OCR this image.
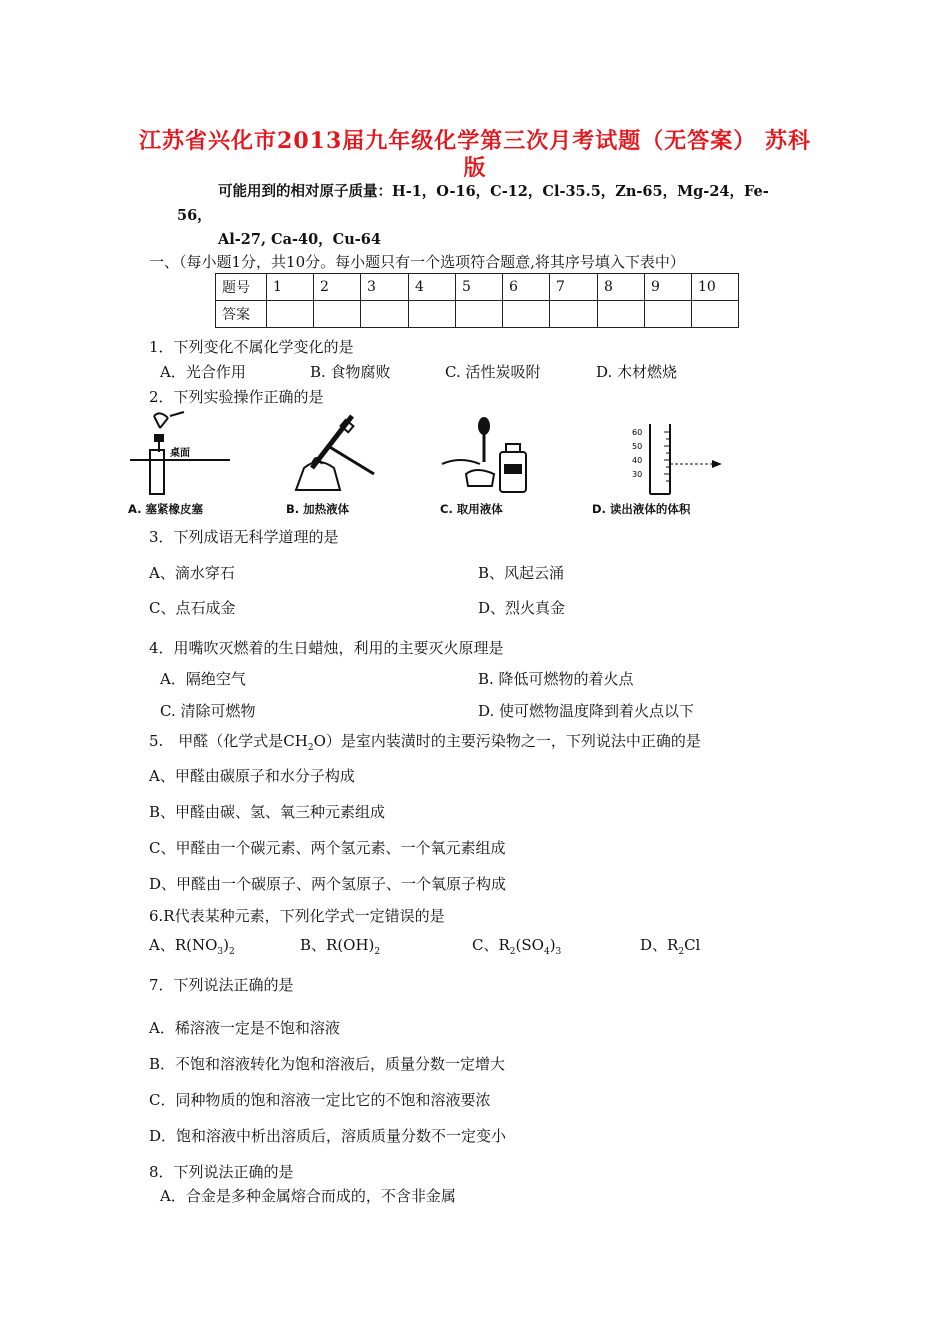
江苏省兴化市2013届九年级化学第三次月考试题（无答案） 苏科
版
可能用到的相对原子质量：H-1，O-16，C-12，Cl-35.5，Zn-65，Mg-24，Fe-
56，
Al-27, Ca-40，Cu-64
一、（每小题1分，共10分。每小题只有一个选项符合题意,将其序号填入下表中）
题号	1	2	3	4	5	6	7	8	9	10
答案										
1．下列变化不属化学变化的是
A．光合作用	B. 食物腐败	C. 活性炭吸附	D. 木材燃烧
2．下列实验操作正确的是
桌面
A. 塞紧橡皮塞	B. 加热液体	C. 取用液体
60
50
40
30
D. 读出液体的体积
3．下列成语无科学道理的是
A、滴水穿石	B、风起云涌
C、点石成金	D、烈火真金
4．用嘴吹灭燃着的生日蜡烛，利用的主要灭火原理是
A．隔绝空气	B. 降低可燃物的着火点
C. 清除可燃物	D. 使可燃物温度降到着火点以下
5.　甲醛（化学式是$CH_2O$）是室内装潢时的主要污染物之一，下列说法中正确的是
A、甲醛由碳原子和水分子构成
B、甲醛由碳、氢、氧三种元素组成
C、甲醛由一个碳元素、两个氢元素、一个氧元素组成
D、甲醛由一个碳原子、两个氢原子、一个氧原子构成
6.R代表某种元素，下列化学式一定错误的是
A、$R(NO_3)_2$	B、$R(OH)_2$	C、$R_2(SO_4)_3$	D、$R_2Cl$
7．下列说法正确的是
A．稀溶液一定是不饱和溶液
B．不饱和溶液转化为饱和溶液后，质量分数一定增大
C．同种物质的饱和溶液一定比它的不饱和溶液要浓
D．饱和溶液中析出溶质后，溶质质量分数不一定变小
8．下列说法正确的是
A．合金是多种金属熔合而成的，不含非金属
